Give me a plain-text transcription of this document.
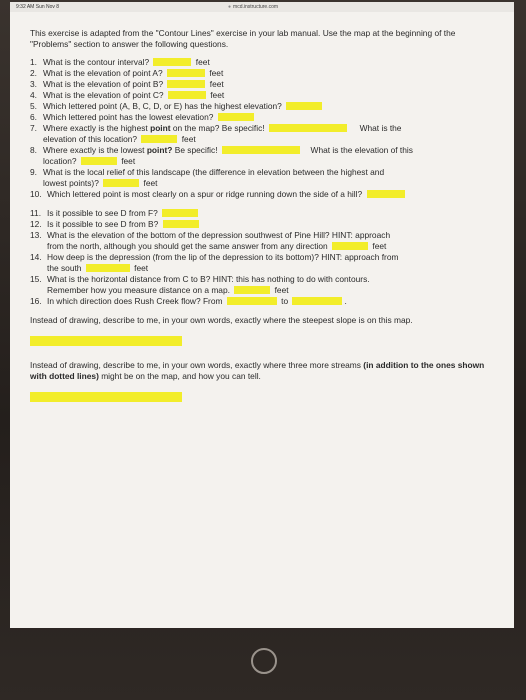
9:32 AM Sun Nov 8	● mcd.instructure.com

This exercise is adapted from the "Contour Lines" exercise in your lab manual. Use the map at the beginning of the "Problems" section to answer the following questions.

1. What is the contour interval?	feet

2. What is the elevation of point A?	feet

3. What is the elevation of point B?	feet

4. What is the elevation of point C?	feet

5. Which lettered point (A, B, C, D, or E) has the highest elevation?

6. Which lettered point has the lowest elevation?

7. Where exactly is the highest point on the map? Be specific!	What is the

elevation of this location?	feet

8. Where exactly is the lowest point? Be specific!	What is the elevation of this

location?	feet

9. What is the local relief of this landscape (the difference in elevation between the highest and

lowest points)?	feet

10. Which lettered point is most clearly on a spur or ridge running down the side of a hill?

11. Is it possible to see D from F?

12. Is it possible to see D from B?

13. What is the elevation of the bottom of the depression southwest of Pine Hill? HINT: approach

from the north, although you should get the same answer from any direction	feet

14. How deep is the depression (from the lip of the depression to its bottom)? HINT: approach from

the south	feet

15. What is the horizontal distance from C to B? HINT: this has nothing to do with contours.

Remember how you measure distance on a map.	feet

16. In which direction does Rush Creek flow? From	to	.

Instead of drawing, describe to me, in your own words, exactly where the steepest slope is on this map.

Instead of drawing, describe to me, in your own words, exactly where three more streams (in addition to the ones shown with dotted lines) might be on the map, and how you can tell.
